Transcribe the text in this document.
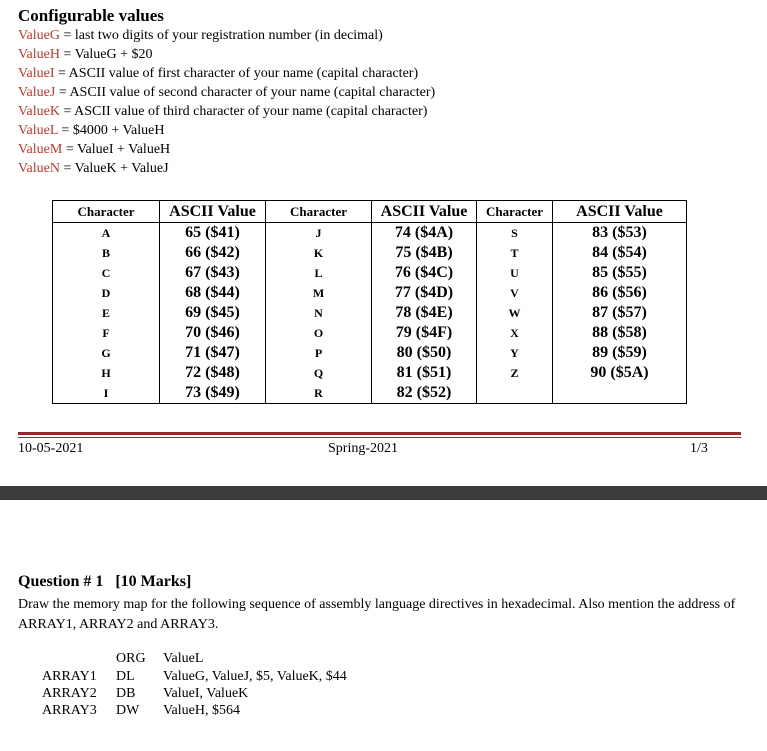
Configurable values
ValueG = last two digits of your registration number (in decimal)
ValueH = ValueG + $20
ValueI = ASCII value of first character of your name (capital character)
ValueJ = ASCII value of second character of your name (capital character)
ValueK = ASCII value of third character of your name (capital character)
ValueL = $4000 + ValueH
ValueM = ValueI + ValueH
ValueN = ValueK + ValueJ
Character	ASCII Value	Character	ASCII Value	Character	ASCII Value
A	65 ($41)	J	74 ($4A)	S	83 ($53)
B	66 ($42)	K	75 ($4B)	T	84 ($54)
C	67 ($43)	L	76 ($4C)	U	85 ($55)
D	68 ($44)	M	77 ($4D)	V	86 ($56)
E	69 ($45)	N	78 ($4E)	W	87 ($57)
F	70 ($46)	O	79 ($4F)	X	88 ($58)
G	71 ($47)	P	80 ($50)	Y	89 ($59)
H	72 ($48)	Q	81 ($51)	Z	90 ($5A)
I	73 ($49)	R	82 ($52)		
10-05-2021	Spring-2021	1/3
Question # 1   [10 Marks]
Draw the memory map for the following sequence of assembly language directives in hexadecimal. Also mention the address of ARRAY1, ARRAY2 and ARRAY3.
ORG ValueL
ARRAY1 DL ValueG, ValueJ, $5, ValueK, $44
ARRAY2 DB ValueI, ValueK
ARRAY3 DW ValueH, $564
